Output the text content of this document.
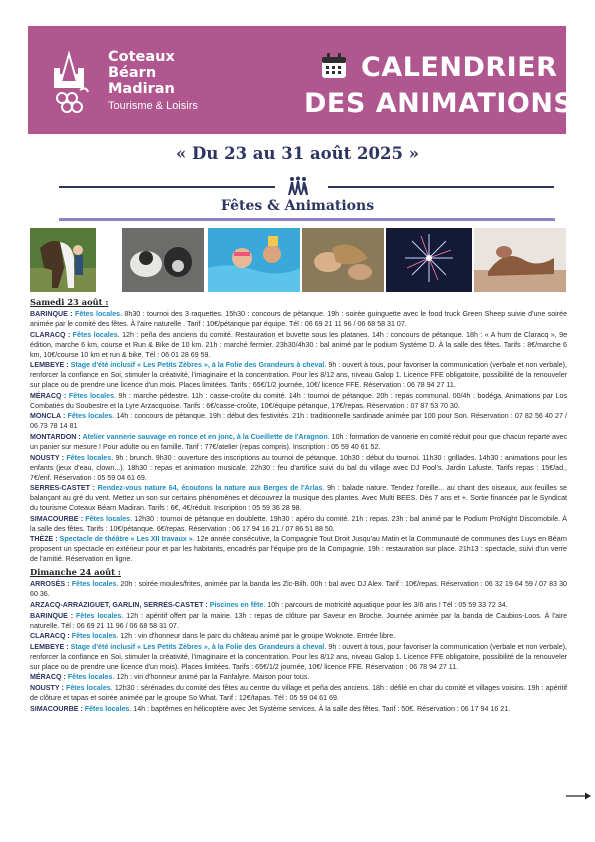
Coteaux
Béarn
Madiran
Tourisme & Loisirs
CALENDRIER
DES ANIMATIONS
« Du 23 au 31 août 2025 »
Fêtes & Animations
Samedi 23 août :
BARINQUE : Fêtes locales. 8h30 : tournoi des 3 raquettes. 15h30 : concours de pétanque. 19h : soirée guinguette avec le food truck Green Sheep suivie d'une soirée animée par le comité des fêtes. À l'aire naturelle . Tarif : 10€/pétanque par équipe. Tél : 06 69 21 11 96 / 06 68 58 31 07.
CLARACQ : Fêtes locales. 12h : peña des anciens du comité. Restauration et buvette sous les platanes. 14h : concours de pétanque. 18h : « A hum de Claracq », 9e édition, marche 6 km, course et Run & Bike de 10 km. 21h : marché fermier. 23h30/4h30 : bal animé par le podium Système D. À la salle des fêtes. Tarifs : 8€/marche 6 km, 10€/course 10 km et run & bike. Tél : 06 01 28 69 59.
LEMBEYE : Stage d'été inclusif « Les Petits Zèbres », à la Folie des Grandeurs à cheval. 9h : ouvert à tous, pour favoriser la communication (verbale et non verbale), renforcer la confiance en Soi, stimuler la créativité, l'imaginaire et la concentration. Pour les 8/12 ans, niveau Galop 1. Licence FFE obligatoire, possibilité de la renouveler sur place ou de prendre une licence d'un mois. Places limitées. Tarifs : 65€/1/2 journée, 10€/ licence FFE. Réservation : 06 78 94 27 11.
MÉRACQ : Fêtes locales. 9h : marche pédestre. 11h : casse-croûte du comité. 14h : tournoi de pétanque. 20h : repas communal. 00/4h : bodéga. Animations par Los Combatiès du Soubestre et la Lyre Arzacquoise. Tarifs : 6€/casse-croûte, 10€/équipe pétanque, 17€/repas. Réservation : 07 87 53 70 30.
MONCLA : Fêtes locales. 14h : concours de pétanque. 19h : début des festivités. 21h : traditionnelle sardinade animée par 100 pour Son. Réservation : 07 82 56 40 27 / 06 73 78 14 81
MONTARDON : Atelier vannerie sauvage en ronce et en jonc, à la Cueillette de l'Aragnon. 10h : formation de vannerie en comité réduit pour que chacun reparte avec un panier sur mesure ! Pour adulte ou en famille. Tarif : 77€/atelier (repas compris). Inscription : 05 59 40 61 52.
NOUSTY : Fêtes locales. 9h : brunch. 9h30 : ouverture des inscriptions au tournoi de pétanque. 10h30 : début du tournoi. 11h30 : grillades. 14h30 : animations pour les enfants (jeux d'eau, clown...). 18h30 : repas et animation musicale. 22h30 : feu d'artifice suivi du bal du village avec DJ Pool's. Jardin Lafuste. Tarifs repas : 15€/ad., 7€/enf. Réservation : 05 59 04 61 69.
SERRES-CASTET : Rendez-vous nature 64, écoutons la nature aux Berges de l'Arlas. 9h : balade nature. Tendez l'oreille... au chant des oiseaux, aux feuilles se balançant au gré du vent. Mettez un son sur certains phénomènes et découvrez la musique des plantes. Avec Multi BEES. Dès 7 ans et +. Sortie financée par le Syndicat du tourisme Coteaux Béarn Madiran. Tarifs : 6€, 4€/réduit. Inscription : 05 59 36 28 98.
SIMACOURBE : Fêtes locales. 12h30 : tournoi de pétanque en doublette. 19h30 : apéro du comité. 21h : repas. 23h : bal animé par le Podium ProNight Discomobile. À la salle des fêtes. Tarifs : 10€/pétanque. 6€/repas. Réservation : 06 17 94 16 21 / 07 86 51 88 50.
THÈZE : Spectacle de théâtre « Les XII travaux ». 12e année consécutive, la Compagnie Tout Droit Jusqu'au Matin et la Communauté de communes des Luys en Béarn proposent un spectacle en extérieur pour et par les habitants, encadrés par l'équipe pro de la Compagnie. 19h : restauration sur place. 21h13 : spectacle, suivi d'un verre de l'amitié. Réservation en ligne.
Dimanche 24 août :
ARROSÈS : Fêtes locales. 20h : soirée moules/frites, animée par la banda les Zic-Bilh. 00h : bal avec DJ Alex. Tarif : 10€/repas. Réservation : 06 32 19 64 59 / 07 83 30 60 36.
ARZACQ-ARRAZIGUET, GARLIN, SERRES-CASTET : Piscines en fête. 10h : parcours de motricité aquatique pour les 3/6 ans ! Tél : 05 59 33 72 34.
BARINQUE : Fêtes locales. 12h : apéritif offert par la mairie. 13h : repas de clôture par Saveur en Broche. Journée animée par la banda de Caubios-Loos. À l'aire naturelle. Tél : 06 69 21 11 96 / 06 68 58 31 07.
CLARACQ : Fêtes locales. 12h : vin d'honneur dans le parc du château animé par le groupe Woknote. Entrée libre.
LEMBEYE : Stage d'été inclusif « Les Petits Zèbres », à la Folie des Grandeurs à cheval. 9h : ouvert à tous, pour favoriser la communication (verbale et non verbale), renforcer la confiance en Soi, stimuler la créativité, l'imaginaire et la concentration. Pour les 8/12 ans, niveau Galop 1. Licence FFE obligatoire, possibilité de la renouveler sur place ou de prendre une licence d'un mois). Places limitées. Tarifs : 65€/1/2 journée, 10€/ licence FFE. Réservation : 06 78 94 27 11.
MÉRACQ : Fêtes locales. 12h : vin d'honneur animé par la Fanfalyre. Maison pour tous.
NOUSTY : Fêtes locales. 12h30 : sérénades du comité des fêtes au centre du village et peña des anciens. 18h : défilé en char du comité et villages voisins. 19h : apéritif de clôture et tapas et soirée animée par le groupe So What. Tarif : 12€/tapas. Tél : 05 59 04 61 69.
SIMACOURBE : Fêtes locales. 14h : baptêmes en hélicoptère avec Jet Système services. À la salle des fêtes. Tarif : 50€. Réservation : 06 17 94 16 21.
